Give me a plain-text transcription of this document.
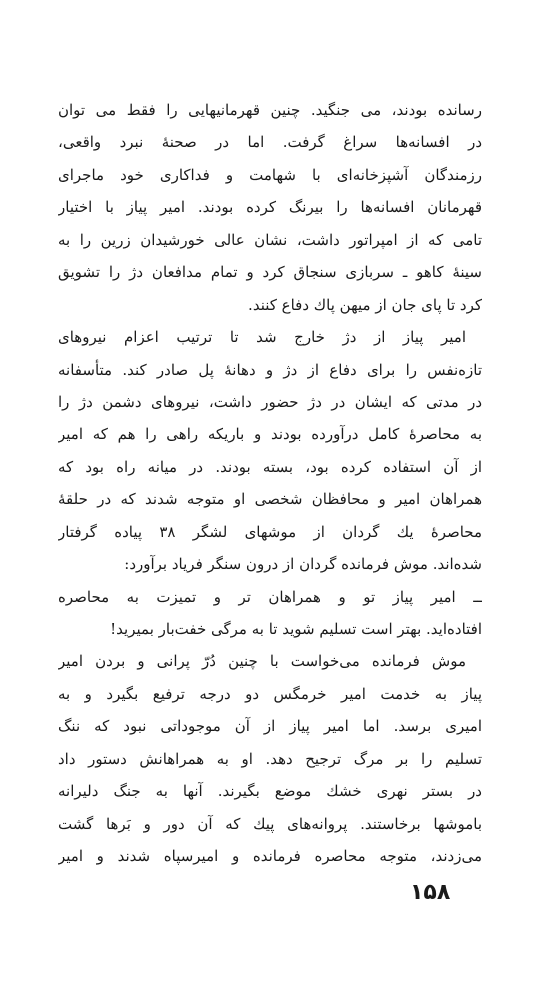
رسانده بودند، می جنگید. چنین قهرمانیهایی را فقط می توان
در افسانه‌ها سراغ گرفت. اما در صحنهٔ نبرد واقعی،
رزمندگان آشپزخانه‌ای با شهامت و فداکاری خود ماجرای
قهرمانان افسانه‌ها را بیرنگ کرده بودند. امیر پیاز با اختیار
تامی که از امپراتور داشت، نشان عالی خورشیدان زرین را به
سینهٔ کاهو ـ سربازی سنجاق کرد و تمام مدافعان دژ را تشویق
کرد تا پای جان از میهن پاك دفاع کنند.
امیر پیاز از دژ خارج شد تا ترتیب اعزام نیروهای
تازه‌نفس را برای دفاع از دژ و دهانهٔ پل صادر کند. متأسفانه
در مدتی که ایشان در دژ حضور داشت، نیروهای دشمن دژ را
به محاصرهٔ کامل درآورده بودند و باریکه راهی را هم که امیر
از آن استفاده کرده بود، بسته بودند. در میانه راه بود که
همراهان امیر و محافظان شخصی او متوجه شدند که در حلقهٔ
محاصرهٔ یك گردان از موشهای لشگر ۳۸ پیاده گرفتار
شده‌اند. موش فرمانده گردان از درون سنگر فریاد برآورد:
ــ امیر پیاز تو و همراهان تر و تمیزت به محاصره
افتاده‌اید. بهتر است تسلیم شوید تا به مرگی خفت‌بار بمیرید!
موش فرمانده می‌خواست با چنین دُرّ پرانی و بردن امیر
پیاز به خدمت امیر خرمگس دو درجه ترفیع بگیرد و به
امیری برسد. اما امیر پیاز از آن موجوداتی نبود که ننگ
تسلیم را بر مرگ ترجیح دهد. او به همراهانش دستور داد
در بستر نهری خشك موضع بگیرند. آنها به جنگ دلیرانه
باموشها برخاستند. پروانه‌های پیك که آن دور و بَرها گشت
می‌زدند، متوجه محاصره فرمانده و امیرسپاه شدند و امیر
۱۵۸
